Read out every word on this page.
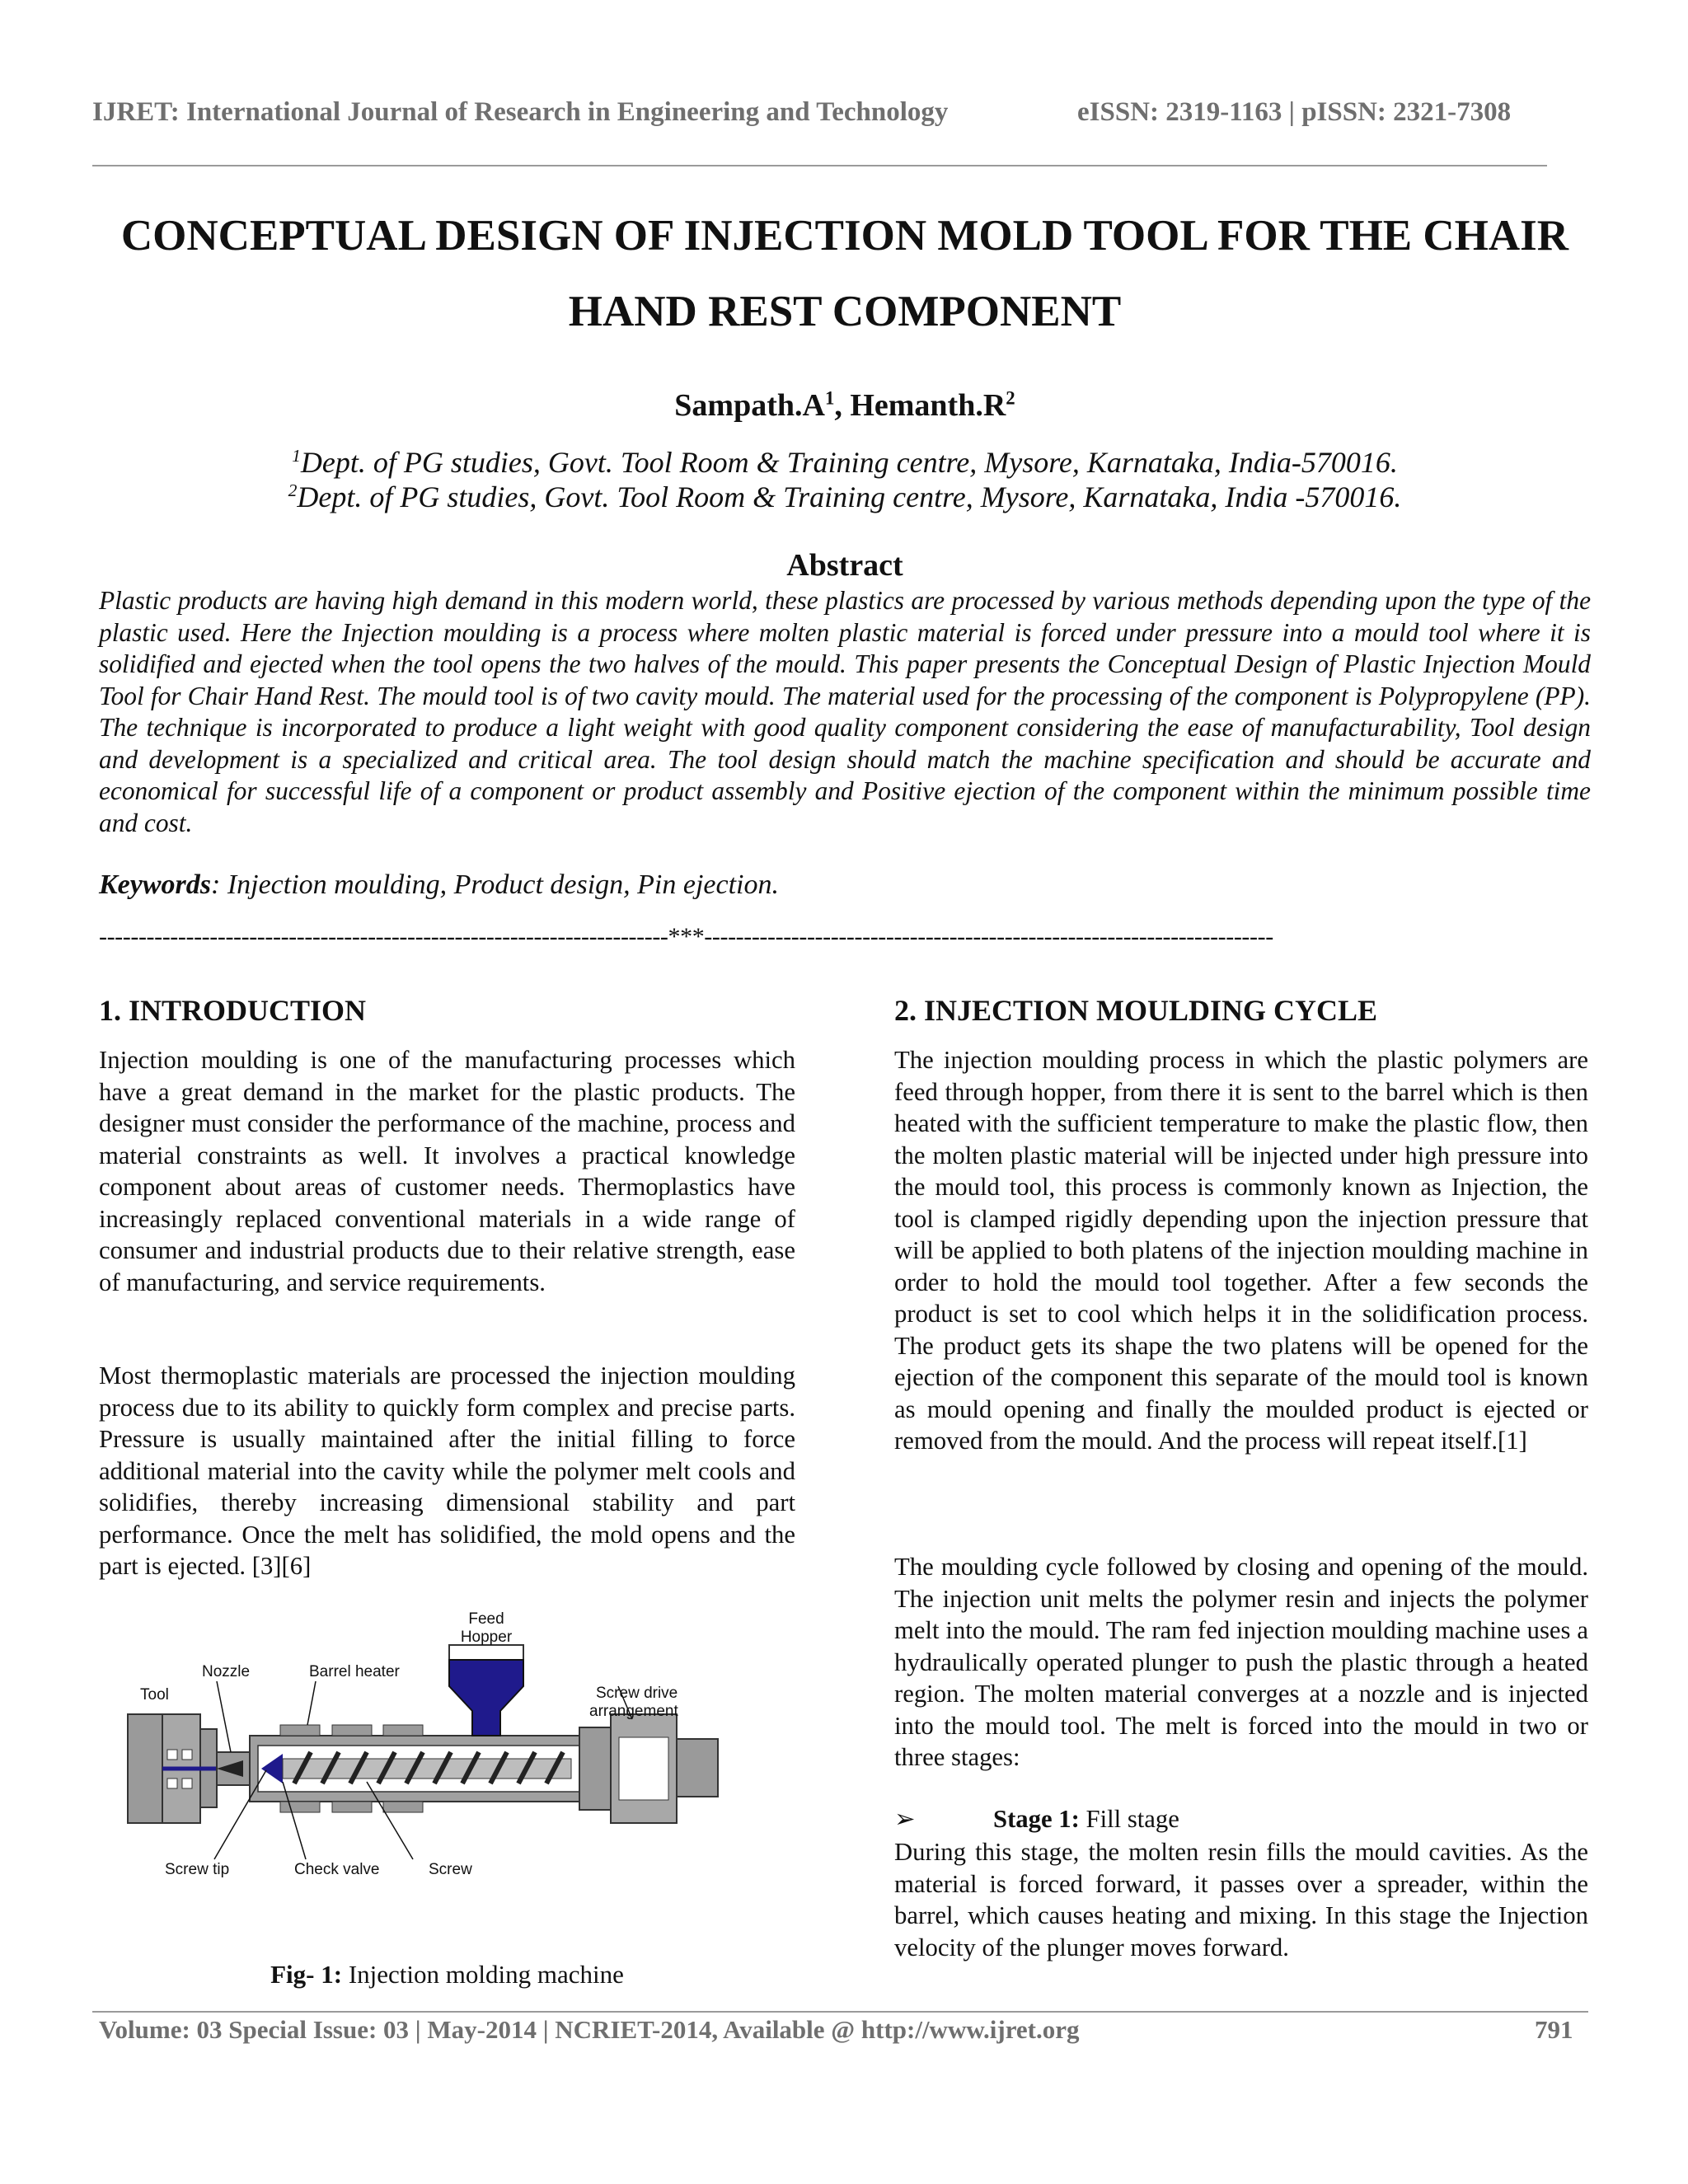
IJRET: International Journal of Research in Engineering and Technology	eISSN: 2319-1163 | pISSN: 2321-7308
CONCEPTUAL DESIGN OF INJECTION MOLD TOOL FOR THE CHAIR
HAND REST COMPONENT
$Sampath.A^1$, $Hemanth.R^2$
$^1$Dept. of PG studies, Govt. Tool Room & Training centre, Mysore, Karnataka, India-570016.
$^2$Dept. of PG studies, Govt. Tool Room & Training centre, Mysore, Karnataka, India -570016.
Abstract
Plastic products are having high demand in this modern world, these plastics are processed by various methods depending upon the type of the plastic used. Here the Injection moulding is a process where molten plastic material is forced under pressure into a mould tool where it is solidified and ejected when the tool opens the two halves of the mould. This paper presents the Conceptual Design of Plastic Injection Mould Tool for Chair Hand Rest. The mould tool is of two cavity mould. The material used for the processing of the component is Polypropylene (PP). The technique is incorporated to produce a light weight with good quality component considering the ease of manufacturability, Tool design and development is a specialized and critical area. The tool design should match the machine specification and should be accurate and economical for successful life of a component or product assembly and Positive ejection of the component within the minimum possible time and cost.
Keywords: Injection moulding, Product design, Pin ejection.
------------------------------------------------------------------------***------------------------------------------------------------------------
1. INTRODUCTION
Injection moulding is one of the manufacturing processes which have a great demand in the market for the plastic products. The designer must consider the performance of the machine, process and material constraints as well. It involves a practical knowledge component about areas of customer needs. Thermoplastics have increasingly replaced conventional materials in a wide range of consumer and industrial products due to their relative strength, ease of manufacturing, and service requirements.
Most thermoplastic materials are processed the injection moulding process due to its ability to quickly form complex and precise parts. Pressure is usually maintained after the initial filling to force additional material into the cavity while the polymer melt cools and solidifies, thereby increasing dimensional stability and part performance. Once the melt has solidified, the mold opens and the part is ejected. [3][6]
Feed
Hopper
Nozzle	Barrel heater
Tool	Screw drive
arrangement
Screw tip	Check valve	Screw
Fig- 1: Injection molding machine
2. INJECTION MOULDING CYCLE
The injection moulding process in which the plastic polymers are feed through hopper, from there it is sent to the barrel which is then heated with the sufficient temperature to make the plastic flow, then the molten plastic material will be injected under high pressure into the mould tool, this process is commonly known as Injection, the tool is clamped rigidly depending upon the injection pressure that will be applied to both platens of the injection moulding machine in order to hold the mould tool together. After a few seconds the product is set to cool which helps it in the solidification process. The product gets its shape the two platens will be opened for the ejection of the component this separate of the mould tool is known as mould opening and finally the moulded product is ejected or removed from the mould. And the process will repeat itself.[1]
The moulding cycle followed by closing and opening of the mould. The injection unit melts the polymer resin and injects the polymer melt into the mould. The ram fed injection moulding machine uses a hydraulically operated plunger to push the plastic through a heated region. The molten material converges at a nozzle and is injected into the mould tool. The melt is forced into the mould in two or three stages:
➢	Stage 1: Fill stage
During this stage, the molten resin fills the mould cavities. As the material is forced forward, it passes over a spreader, within the barrel, which causes heating and mixing. In this stage the Injection velocity of the plunger moves forward.
Volume: 03 Special Issue: 03 | May-2014 | NCRIET-2014, Available @ http://www.ijret.org	791
